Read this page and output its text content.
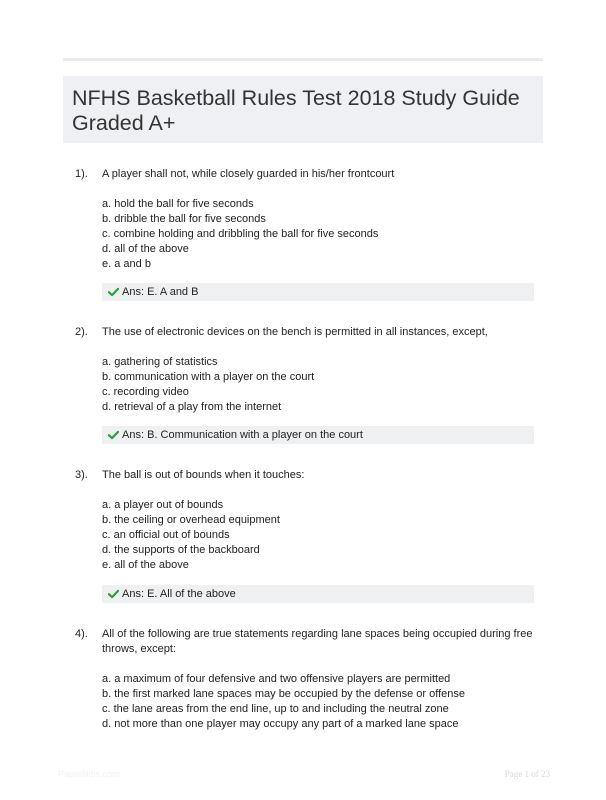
NFHS Basketball Rules Test 2018 Study Guide Graded A+
1). A player shall not, while closely guarded in his/her frontcourt
a. hold the ball for five seconds
b. dribble the ball for five seconds
c. combine holding and dribbling the ball for five seconds
d. all of the above
e. a and b
Ans: E. A and B
2). The use of electronic devices on the bench is permitted in all instances, except,
a. gathering of statistics
b. communication with a player on the court
c. recording video
d. retrieval of a play from the internet
Ans: B. Communication with a player on the court
3). The ball is out of bounds when it touches:
a. a player out of bounds
b. the ceiling or overhead equipment
c. an official out of bounds
d. the supports of the backboard
e. all of the above
Ans: E. All of the above
4). All of the following are true statements regarding lane spaces being occupied during free throws, except:
a. a maximum of four defensive and two offensive players are permitted
b. the first marked lane spaces may be occupied by the defense or offense
c. the lane areas from the end line, up to and including the neutral zone
d. not more than one player may occupy any part of a marked lane space
PaperNibs.com	Page 1 of 23
